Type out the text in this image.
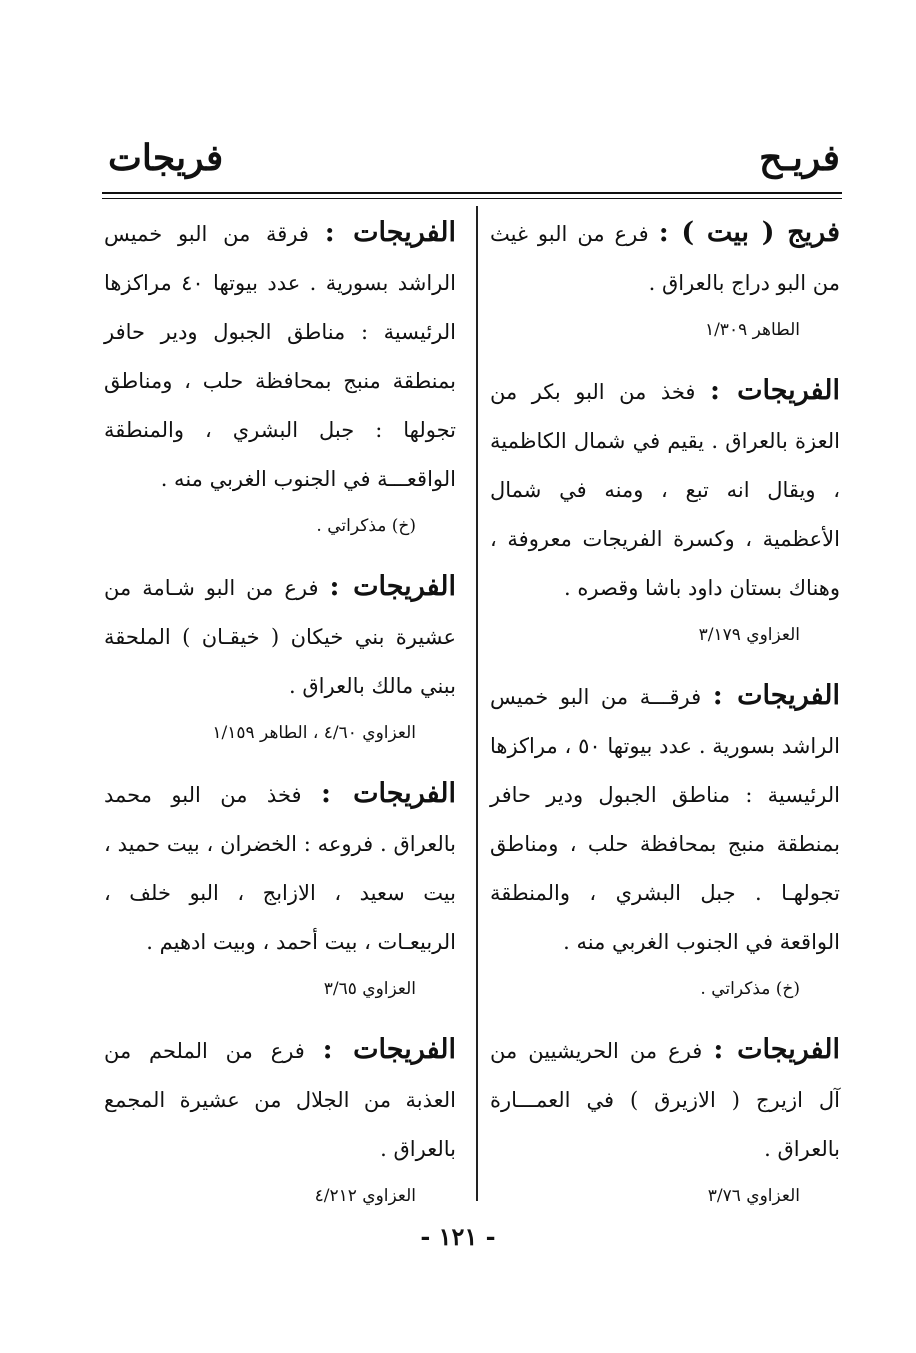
فريـح
فريجات

فريج ( بيت ) : فرع من البو غيث من البو دراج بالعراق .

الطاهر ١/٣٠٩

الفريجات : فخذ من البو بكر من العزة بالعراق . يقيم في شمال الكاظمية ، ويقال انه تبع ، ومنه في شمال الأعظمية ، وكسرة الفريجات معروفة ، وهناك بستان داود باشا وقصره .

العزاوي ٣/١٧٩

الفريجات : فرقـــة من البو خميس الراشد بسورية . عدد بيوتها ٥٠ ، مراكزها الرئيسية : مناطق الجبول ودير حافر بمنطقة منبج بمحافظة حلب ، ومناطق تجولهـا . جبل البشري ، والمنطقة الواقعة في الجنوب الغربي منه .

(خ) مذكراتي .

الفريجات : فرع من الحريشيين من آل ازيرج ( الازيرق ) في العمـــارة بالعراق .

العزاوي ٣/٧٦

الفريجات : فرقة من البو خميس الراشد بسورية . عدد بيوتها ٤٠ مراكزها الرئيسية : مناطق الجبول ودير حافر بمنطقة منبج بمحافظة حلب ، ومناطق تجولها : جبل البشري ، والمنطقة الواقعـــة في الجنوب الغربي منه .

(خ) مذكراتي .

الفريجات : فرع من البو شـامة من عشيرة بني خيكان ( خيقـان ) الملحقة ببني مالك بالعراق .

العزاوي ٤/٦٠ ، الطاهر ١/١٥٩

الفريجات : فخذ من البو محمد بالعراق . فروعه : الخضران ، بيت حميد ، بيت سعيد ، الازابج ، البو خلف ، الربيعـات ، بيت أحمد ، وبيت ادهيم .

العزاوي ٣/٦٥

الفريجات : فرع من الملحم من العذبة من الجلال من عشيرة المجمع بالعراق .

العزاوي ٤/٢١٢
- ١٢١ -
